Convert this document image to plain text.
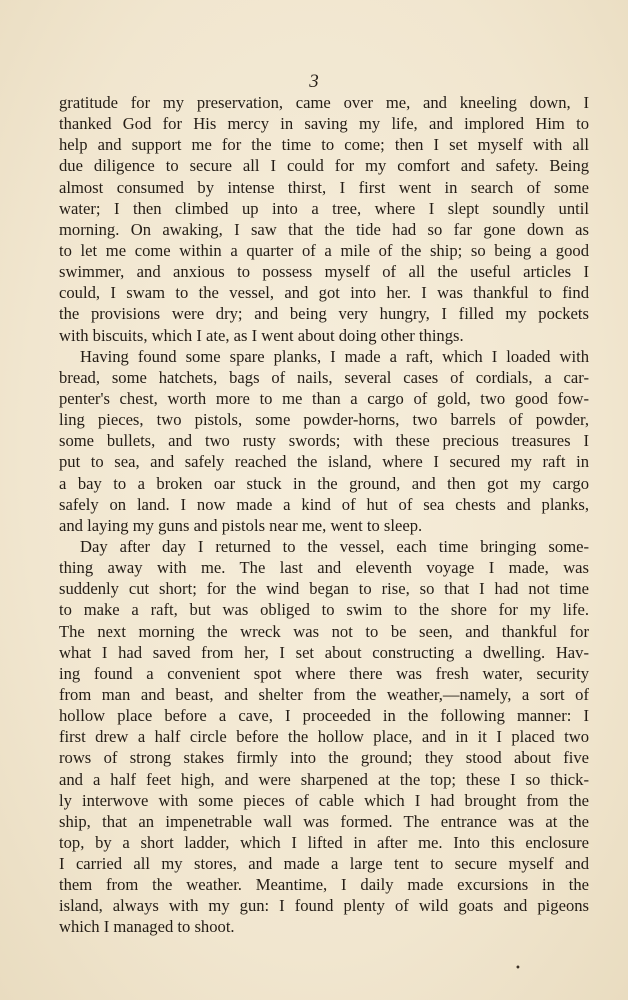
3
gratitude for my preservation, came over me, and kneeling down, I
thanked God for His mercy in saving my life, and implored Him to
help and support me for the time to come; then I set myself with all
due diligence to secure all I could for my comfort and safety. Being
almost consumed by intense thirst, I first went in search of some
water; I then climbed up into a tree, where I slept soundly until
morning. On awaking, I saw that the tide had so far gone down as
to let me come within a quarter of a mile of the ship; so being a good
swimmer, and anxious to possess myself of all the useful articles I
could, I swam to the vessel, and got into her. I was thankful to find
the provisions were dry; and being very hungry, I filled my pockets
with biscuits, which I ate, as I went about doing other things.
Having found some spare planks, I made a raft, which I loaded with
bread, some hatchets, bags of nails, several cases of cordials, a car-
penter's chest, worth more to me than a cargo of gold, two good fow-
ling pieces, two pistols, some powder-horns, two barrels of powder,
some bullets, and two rusty swords; with these precious treasures I
put to sea, and safely reached the island, where I secured my raft in
a bay to a broken oar stuck in the ground, and then got my cargo
safely on land. I now made a kind of hut of sea chests and planks,
and laying my guns and pistols near me, went to sleep.
Day after day I returned to the vessel, each time bringing some-
thing away with me. The last and eleventh voyage I made, was
suddenly cut short; for the wind began to rise, so that I had not time
to make a raft, but was obliged to swim to the shore for my life.
The next morning the wreck was not to be seen, and thankful for
what I had saved from her, I set about constructing a dwelling. Hav-
ing found a convenient spot where there was fresh water, security
from man and beast, and shelter from the weather,—namely, a sort of
hollow place before a cave, I proceeded in the following manner: I
first drew a half circle before the hollow place, and in it I placed two
rows of strong stakes firmly into the ground; they stood about five
and a half feet high, and were sharpened at the top; these I so thick-
ly interwove with some pieces of cable which I had brought from the
ship, that an impenetrable wall was formed. The entrance was at the
top, by a short ladder, which I lifted in after me. Into this enclosure
I carried all my stores, and made a large tent to secure myself and
them from the weather. Meantime, I daily made excursions in the
island, always with my gun: I found plenty of wild goats and pigeons
which I managed to shoot.
•
